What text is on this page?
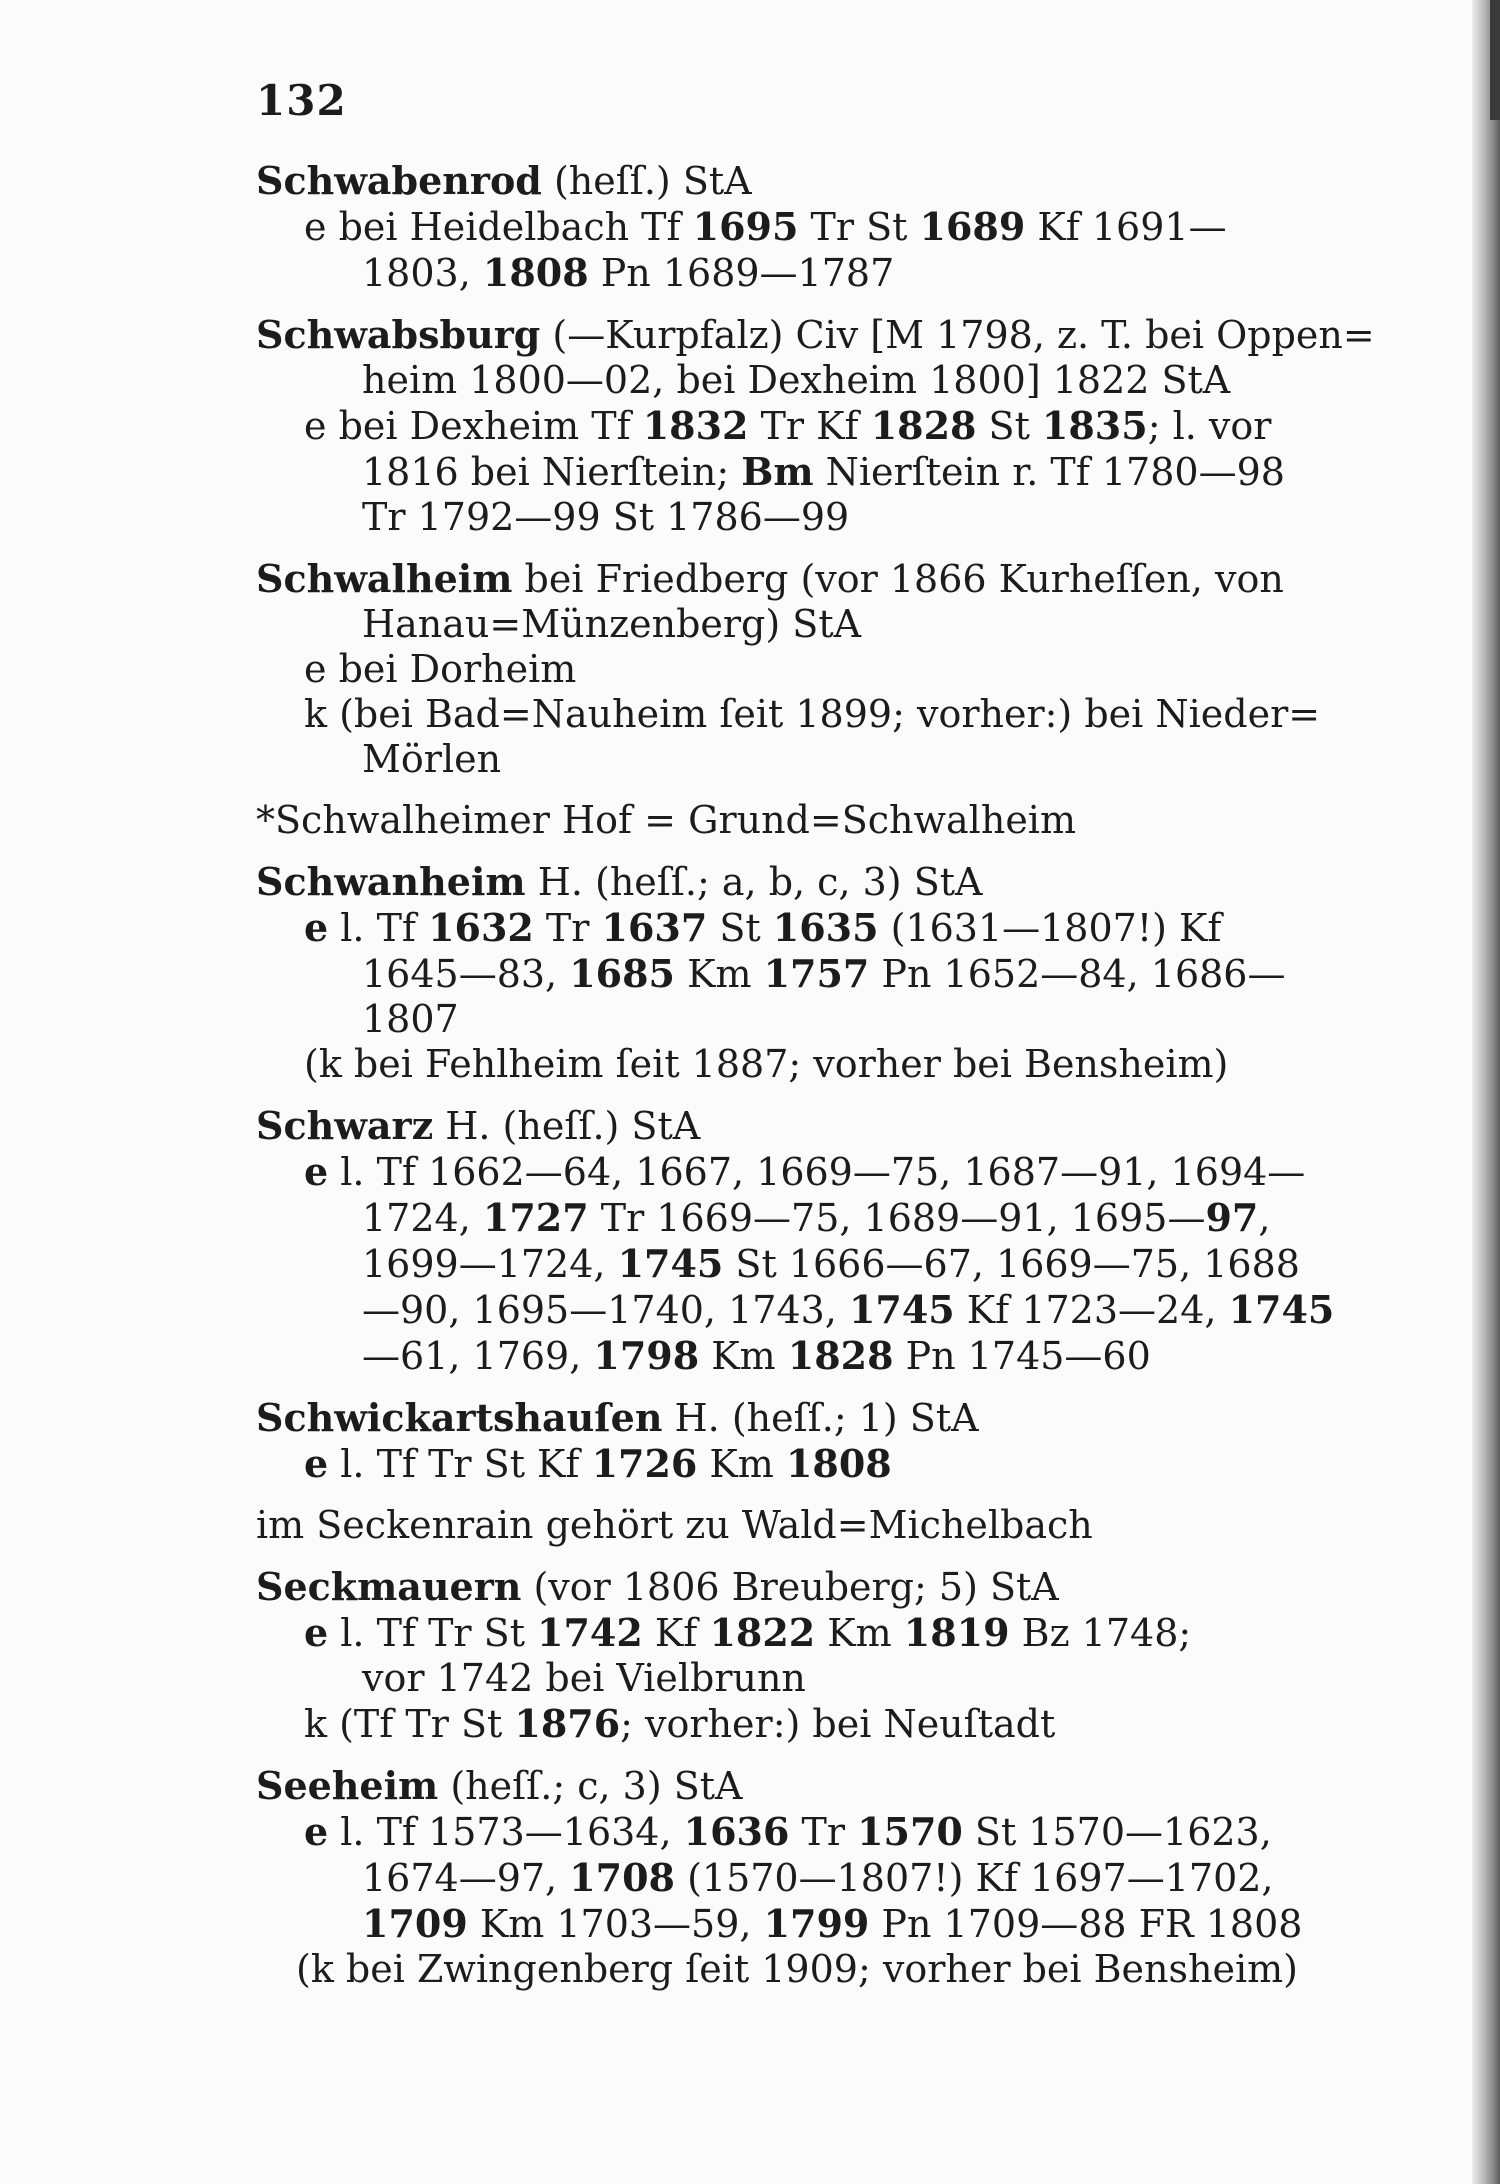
132
Schwabenrod (heſſ.) StA
e bei Heidelbach Tf 1695 Tr St 1689 Kf 1691—
1803, 1808 Pn 1689—1787
Schwabsburg (—Kurpfalz) Civ [M 1798, z. T. bei Oppen=
heim 1800—02, bei Dexheim 1800] 1822 StA
e bei Dexheim Tf 1832 Tr Kf 1828 St 1835; l. vor
1816 bei Nierſtein; Bm Nierſtein r. Tf 1780—98
Tr 1792—99 St 1786—99
Schwalheim bei Friedberg (vor 1866 Kurheſſen, von
Hanau=Münzenberg) StA
e bei Dorheim
k (bei Bad=Nauheim ſeit 1899; vorher:) bei Nieder=
Mörlen
*Schwalheimer Hof = Grund=Schwalheim
Schwanheim H. (heſſ.; a, b, c, 3) StA
e l. Tf 1632 Tr 1637 St 1635 (1631—1807!) Kf
1645—83, 1685 Km 1757 Pn 1652—84, 1686—
1807
(k bei Fehlheim ſeit 1887; vorher bei Bensheim)
Schwarz H. (heſſ.) StA
e l. Tf 1662—64, 1667, 1669—75, 1687—91, 1694—
1724, 1727 Tr 1669—75, 1689—91, 1695—97,
1699—1724, 1745 St 1666—67, 1669—75, 1688
—90, 1695—1740, 1743, 1745 Kf 1723—24, 1745
—61, 1769, 1798 Km 1828 Pn 1745—60
Schwickartshauſen H. (heſſ.; 1) StA
e l. Tf Tr St Kf 1726 Km 1808
im Seckenrain gehört zu Wald=Michelbach
Seckmauern (vor 1806 Breuberg; 5) StA
e l. Tf Tr St 1742 Kf 1822 Km 1819 Bz 1748;
vor 1742 bei Vielbrunn
k (Tf Tr St 1876; vorher:) bei Neuſtadt
Seeheim (heſſ.; c, 3) StA
e l. Tf 1573—1634, 1636 Tr 1570 St 1570—1623,
1674—97, 1708 (1570—1807!) Kf 1697—1702,
1709 Km 1703—59, 1799 Pn 1709—88 FR 1808
(k bei Zwingenberg ſeit 1909; vorher bei Bensheim)
